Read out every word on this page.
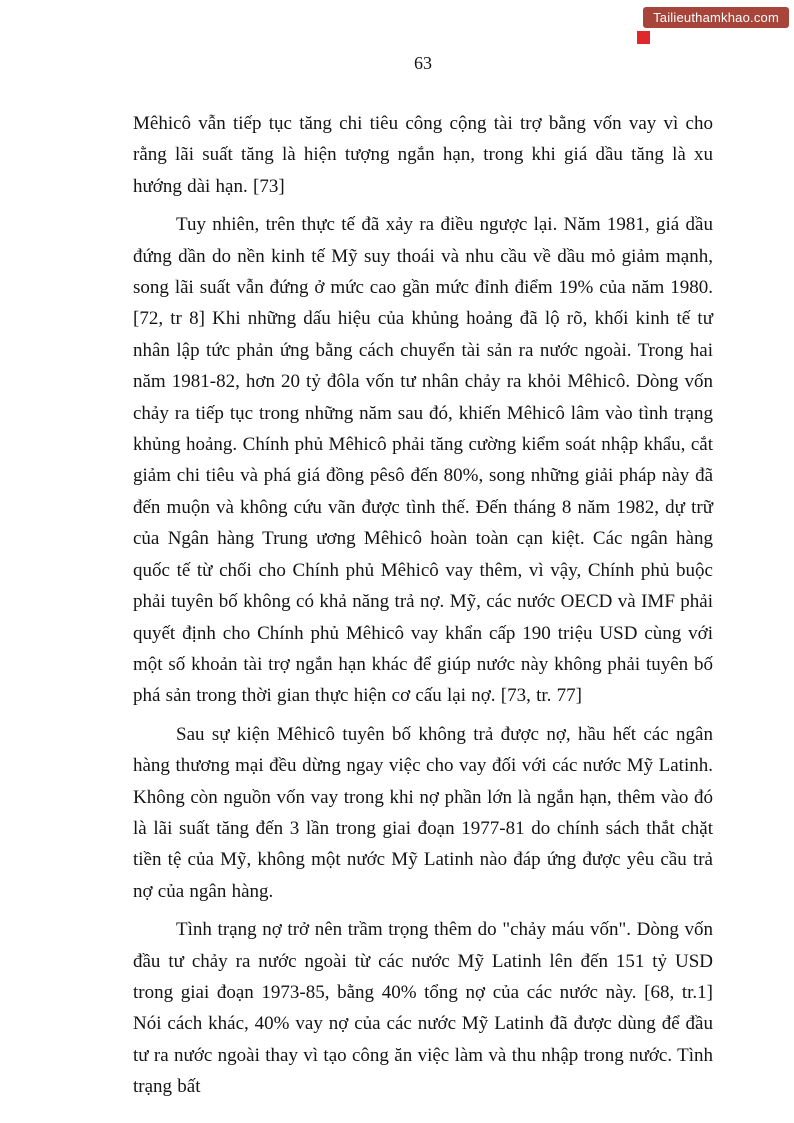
Tailieuthamkhao.com
63

Mêhicô vẫn tiếp tục tăng chi tiêu công cộng tài trợ bằng vốn vay vì cho rằng lãi suất tăng là hiện tượng ngắn hạn, trong khi giá dầu tăng là xu hướng dài hạn. [73]

Tuy nhiên, trên thực tế đã xảy ra điều ngược lại. Năm 1981, giá dầu đứng dần do nền kinh tế Mỹ suy thoái và nhu cầu về dầu mỏ giảm mạnh, song lãi suất vẫn đứng ở mức cao gần mức đỉnh điểm 19% của năm 1980. [72, tr 8] Khi những dấu hiệu của khủng hoảng đã lộ rõ, khối kinh tế tư nhân lập tức phản ứng bằng cách chuyển tài sản ra nước ngoài. Trong hai năm 1981-82, hơn 20 tỷ đôla vốn tư nhân chảy ra khỏi Mêhicô. Dòng vốn chảy ra tiếp tục trong những năm sau đó, khiến Mêhicô lâm vào tình trạng khủng hoảng. Chính phủ Mêhicô phải tăng cường kiểm soát nhập khẩu, cắt giảm chi tiêu và phá giá đồng pêsô đến 80%, song những giải pháp này đã đến muộn và không cứu vãn được tình thế. Đến tháng 8 năm 1982, dự trữ của Ngân hàng Trung ương Mêhicô hoàn toàn cạn kiệt. Các ngân hàng quốc tế từ chối cho Chính phủ Mêhicô vay thêm, vì vậy, Chính phủ buộc phải tuyên bố không có khả năng trả nợ. Mỹ, các nước OECD và IMF phải quyết định cho Chính phủ Mêhicô vay khẩn cấp 190 triệu USD cùng với một số khoản tài trợ ngắn hạn khác để giúp nước này không phải tuyên bố phá sản trong thời gian thực hiện cơ cấu lại nợ. [73, tr. 77]

Sau sự kiện Mêhicô tuyên bố không trả được nợ, hầu hết các ngân hàng thương mại đều dừng ngay việc cho vay đối với các nước Mỹ Latinh. Không còn nguồn vốn vay trong khi nợ phần lớn là ngắn hạn, thêm vào đó là lãi suất tăng đến 3 lần trong giai đoạn 1977-81 do chính sách thắt chặt tiền tệ của Mỹ, không một nước Mỹ Latinh nào đáp ứng được yêu cầu trả nợ của ngân hàng.

Tình trạng nợ trở nên trầm trọng thêm do "chảy máu vốn". Dòng vốn đầu tư chảy ra nước ngoài từ các nước Mỹ Latinh lên đến 151 tỷ USD trong giai đoạn 1973-85, bằng 40% tổng nợ của các nước này. [68, tr.1] Nói cách khác, 40% vay nợ của các nước Mỹ Latinh đã được dùng để đầu tư ra nước ngoài thay vì tạo công ăn việc làm và thu nhập trong nước. Tình trạng bất
